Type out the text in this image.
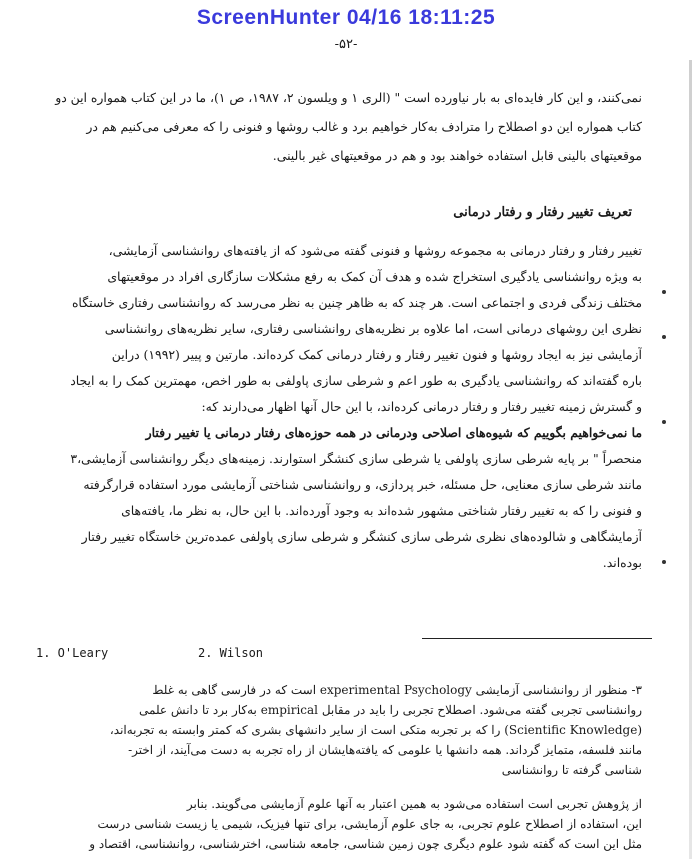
ScreenHunter 04/16 18:11:25
-۵۲-
نمی‌کنند، و این کار فایده‌ای به بار نیاورده است " (الری ۱ و ویلسون ۲، ۱۹۸۷، ص ۱)، ما در این کتاب همواره این دو
کتاب همواره این دو اصطلاح را مترادف به‌کار خواهیم برد و غالب روشها و فنونی را که معرفی می‌کنیم هم در
موقعیتهای بالینی قابل استفاده خواهند بود و هم در موقعیتهای غیر بالینی.
تعریف تغییر رفتار و رفتار درمانی
تغییر رفتار و رفتار درمانی به مجموعه روشها و فنونی گفته می‌شود که از یافته‌های روانشناسی آزمایشی،
به ویژه روانشناسی یادگیری استخراج شده و هدف آن کمک به رفع مشکلات سازگاری افراد در موقعیتهای
مختلف زندگی فردی و اجتماعی است. هر چند که به ظاهر چنین به نظر می‌رسد که روانشناسی رفتاری خاستگاه
نظری این روشهای درمانی است، اما علاوه بر نظریه‌های روانشناسی رفتاری، سایر نظریه‌های روانشناسی
آزمایشی نیز به ایجاد روشها و فنون تغییر رفتار و رفتار درمانی کمک کرده‌اند. مارتین و پییر (۱۹۹۲) دراین
باره گفته‌اند که روانشناسی یادگیری به طور اعم و شرطی سازی پاولفی به طور اخص، مهمترین کمک را به ایجاد
و گسترش زمینه تغییر رفتار و رفتار درمانی کرده‌اند، با این حال آنها اظهار می‌دارند که:
ما نمی‌خواهیم بگوییم که شیوه‌های اصلاحی ودرمانی در همه حوزه‌های رفتار درمانی یا تغییر رفتار
منحصراً " بر پایه شرطی سازی پاولفی یا شرطی سازی کنشگر استوارند. زمینه‌های دیگر روانشناسی آزمایشی،۳
مانند شرطی سازی معنایی، حل مسئله، خبر پردازی، و روانشناسی شناختی آزمایشی مورد استفاده قرارگرفته
و فنونی را که به تغییر رفتار شناختی مشهور شده‌اند به وجود آورده‌اند. با این حال، به نظر ما، یافته‌های
آزمایشگاهی و شالوده‌های نظری شرطی سازی کنشگر و شرطی سازی پاولفی عمده‌ترین خاستگاه تغییر رفتار
بوده‌اند.
1. O'Leary	2. Wilson
۳- منظور از روانشناسی آزمایشی experimental Psychology است که در فارسی گاهی به غلط
روانشناسی تجربی گفته می‌شود. اصطلاح تجربی را باید در مقابل empirical به‌کار برد تا دانش علمی
(Scientific Knowledge) را که بر تجربه متکی است از سایر دانشهای بشری که کمتر وابسته به تجربه‌اند،
مانند فلسفه، متمایز گرداند. همه دانشها یا علومی که یافته‌هایشان از راه تجربه به دست می‌آیند، از اختر-
شناسی گرفته تا روانشناسی
از پژوهش تجربی است استفاده می‌شود به همین اعتبار به آنها علوم آزمایشی می‌گویند. بنابر
این، استفاده از اصطلاح علوم تجربی، به جای علوم آزمایشی، برای تنها فیزیک، شیمی یا زیست شناسی درست
مثل این است که گفته شود علوم دیگری چون زمین شناسی، جامعه شناسی، اخترشناسی، روانشناسی، اقتصاد و
